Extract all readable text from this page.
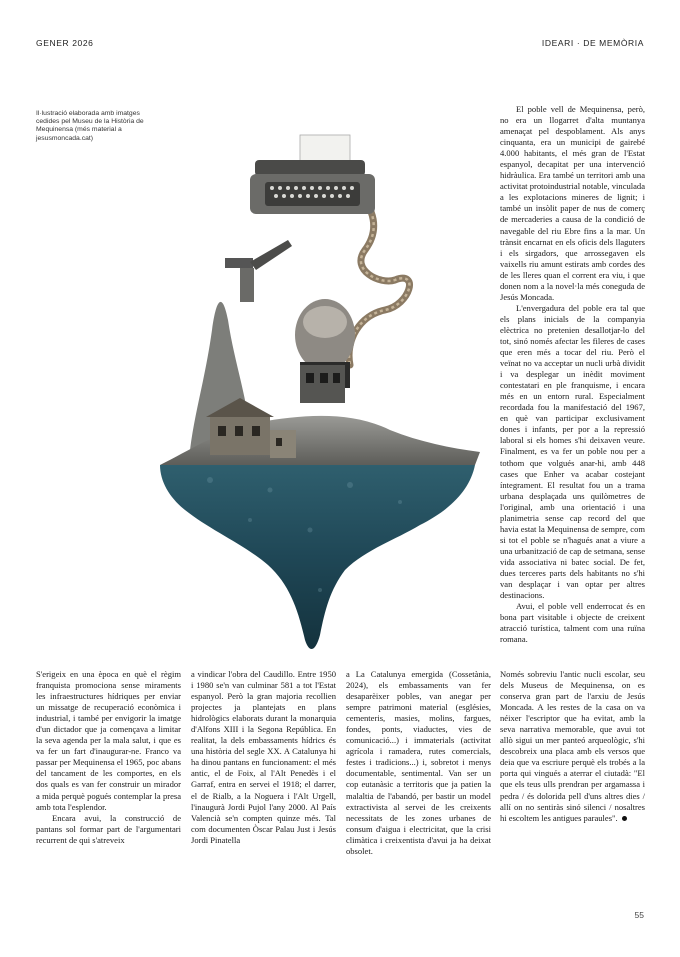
GENER 2026	IDEARI · DE MEMÒRIA
Il·lustració elaborada amb imatges cedides pel Museu de la Història de Mequinensa (més material a jesusmoncada.cat)

El poble vell de Mequinensa, però, no era un llogarret d'alta muntanya amenaçat pel despoblament. Als anys cinquanta, era un municipi de gairebé 4.000 habitants, el més gran de l'Estat espanyol, decapitat per una intervenció hidràulica. Era també un territori amb una activitat protoindustrial notable, vinculada a les explotacions mineres de lignit; i també un insòlit paper de nus de comerç de mercaderies a causa de la condició de navegable del riu Ebre fins a la mar. Un trànsit encarnat en els oficis dels llaguters i els sirgadors, que arrossegaven els vaixells riu amunt estirats amb cordes des de les lleres quan el corrent era viu, i que donen nom a la novel·la més coneguda de Jesús Moncada.

L'envergadura del poble era tal que els plans inicials de la companyia elèctrica no pretenien desallotjar-lo del tot, sinó només afectar les fileres de cases que eren més a tocar del riu. Però el veïnat no va acceptar un nucli urbà dividit i va desplegar un inèdit moviment contestatari en ple franquisme, i encara més en un entorn rural. Especialment recordada fou la manifestació del 1967, en què van participar exclusivament dones i infants, per por a la repressió laboral si els homes s'hi deixaven veure. Finalment, es va fer un poble nou per a tothom que volgués anar-hi, amb 448 cases que Enher va acabar costejant íntegrament. El resultat fou un a trama urbana desplaçada uns quilòmetres de l'original, amb una orientació i una planimetria sense cap record del que havia estat la Mequinensa de sempre, com si tot el poble se n'hagués anat a viure a una urbanització de cap de setmana, sense vida associativa ni batec social. De fet, dues terceres parts dels habitants no s'hi van desplaçar i van optar per altres destinacions.

Avui, el poble vell enderrocat és en bona part visitable i objecte de creixent atracció turística, talment com una ruïna romana.

S'erigeix en una època en què el règim franquista promociona sense miraments les infraestructures hídriques per enviar un missatge de recuperació econòmica i industrial, i també per envigorir la imatge d'un dictador que ja començava a limitar la seva agenda per la mala salut, i que es va fer un fart d'inaugurar-ne. Franco va passar per Mequinensa el 1965, poc abans del tancament de les comportes, en els dos quals es van fer construir un mirador a mida perquè pogués contemplar la presa amb tota l'esplendor.

Encara avui, la construcció de pantans sol formar part de l'argumentari recurrent de qui s'atreveix

a vindicar l'obra del Caudillo. Entre 1950 i 1980 se'n van culminar 581 a tot l'Estat espanyol. Però la gran majoria recollien projectes ja plantejats en plans hidrològics elaborats durant la monarquia d'Alfons XIII i la Segona República. En realitat, la dels embassaments hídrics és una història del segle XX. A Catalunya hi ha dinou pantans en funcionament: el més antic, el de Foix, al l'Alt Penedès i el Garraf, entra en servei el 1918; el darrer, el de Rialb, a la Noguera i l'Alt Urgell, l'inaugurà Jordi Pujol l'any 2000. Al País Valencià se'n compten quinze més. Tal com documenten Òscar Palau Just i Jesús Jordi Pinatella

a La Catalunya emergida (Cossetània, 2024), els embassaments van fer desaparèixer pobles, van anegar per sempre patrimoni material (esglésies, cementeris, masies, molins, fargues, fondes, ponts, viaductes, vies de comunicació...) i immaterials (activitat agrícola i ramadera, rutes comercials, festes i tradicions...) i, sobretot i menys documentable, sentimental. Van ser un cop eutanàsic a territoris que ja patien la malaltia de l'abandó, per bastir un model extractivista al servei de les creixents necessitats de les zones urbanes de consum d'aigua i electricitat, que la crisi climàtica i creixentista d'avui ja ha deixat obsolet.

Només sobreviu l'antic nucli escolar, seu dels Museus de Mequinensa, on es conserva gran part de l'arxiu de Jesús Moncada. A les restes de la casa on va néixer l'escriptor que ha evitat, amb la seva narrativa memorable, que avui tot allò sigui un mer panteó arqueològic, s'hi descobreix una placa amb els versos que deia que va escriure perquè els trobés a la porta qui vingués a aterrar el ciutadà: "El que els teus ulls prendran per argamassa i pedra / és dolorida pell d'uns altres dies / allí on no sentiràs sinó silenci / nosaltres hi escoltem les antigues paraules".

55
